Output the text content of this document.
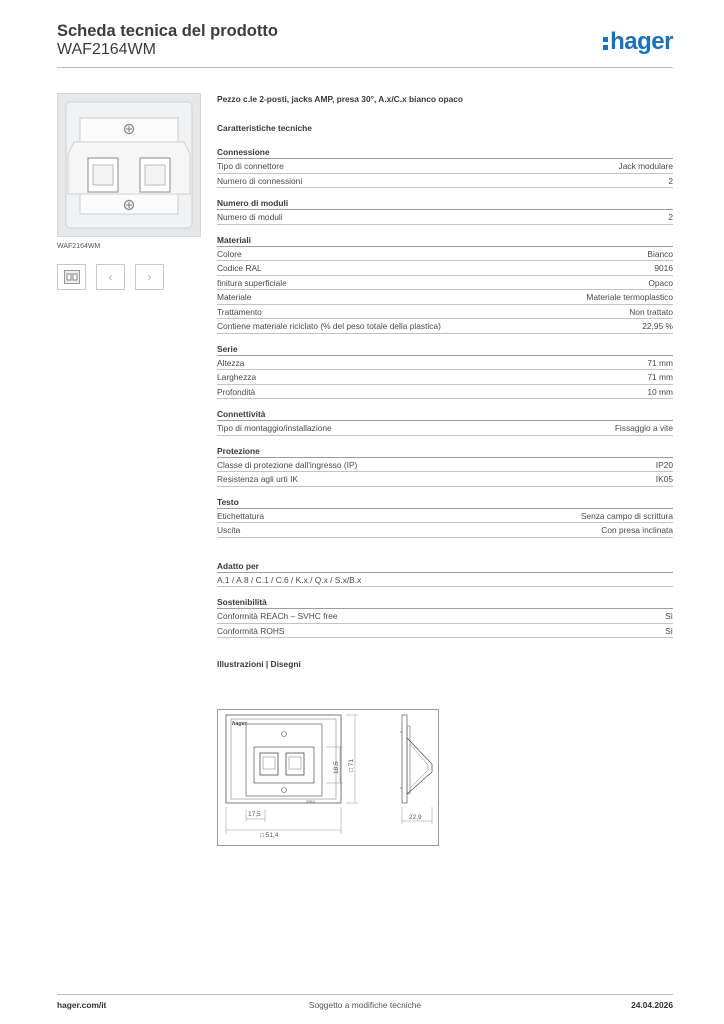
Scheda tecnica del prodotto
WAF2164WM	hager
WAF2164WM
‹	›
Pezzo c.le 2-posti, jacks AMP, presa 30°, A.x/C.x bianco opaco
Caratteristiche tecniche
Connessione
Tipo di connettore	Jack modulare
Numero di connessioni	2
Numero di moduli
Numero di moduli	2
Materiali
Colore	Bianco
Codice RAL	9016
finitura superficiale	Opaco
Materiale	Materiale termoplastico
Trattamento	Non trattato
Contiene materiale riciclato (% del peso totale della plastica)	22,95 %
Serie
Altezza	71 mm
Larghezza	71 mm
Profondità	10 mm
Connettività
Tipo di montaggio/installazione	Fissaggio a vite
Protezione
Classe di protezione dall'ingresso (IP)	IP20
Resistenza agli urti IK	IK05
Testo
Etichettatura	Senza campo di scrittura
Uscita	Con presa inclinata
Adatto per
A.1 / A.8 / C.1 / C.6 / K.x / Q.x / S.x/B.x
Sostenibilità
Conformità REACh – SVHC free	Sì
Conformità ROHS	Sì
Illustrazioni | Disegni
hager
atea
17,5
□ 51,4
18,5 □ 71
22,9
hager.com/it	Soggetto a modifiche tecniche	24.04.2026
